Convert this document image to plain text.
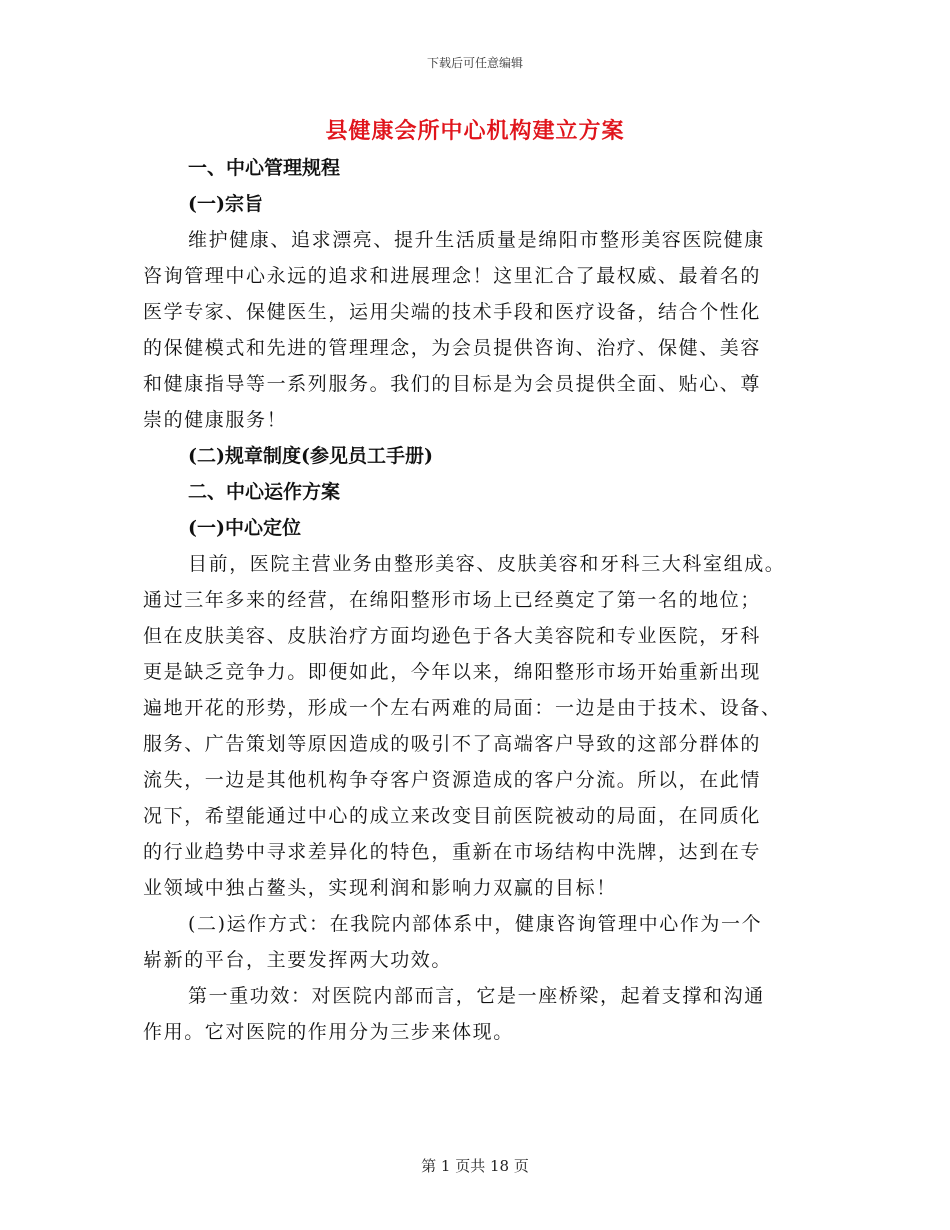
下载后可任意编辑
县健康会所中心机构建立方案
一、中心管理规程
(一)宗旨
维护健康、追求漂亮、提升生活质量是绵阳市整形美容医院健康
咨询管理中心永远的追求和进展理念！这里汇合了最权威、最着名的
医学专家、保健医生，运用尖端的技术手段和医疗设备，结合个性化
的保健模式和先进的管理理念，为会员提供咨询、治疗、保健、美容
和健康指导等一系列服务。我们的目标是为会员提供全面、贴心、尊
崇的健康服务！
(二)规章制度(参见员工手册)
二、中心运作方案
(一)中心定位
目前，医院主营业务由整形美容、皮肤美容和牙科三大科室组成。
通过三年多来的经营，在绵阳整形市场上已经奠定了第一名的地位；
但在皮肤美容、皮肤治疗方面均逊色于各大美容院和专业医院，牙科
更是缺乏竞争力。即便如此，今年以来，绵阳整形市场开始重新出现
遍地开花的形势，形成一个左右两难的局面：一边是由于技术、设备、
服务、广告策划等原因造成的吸引不了高端客户导致的这部分群体的
流失，一边是其他机构争夺客户资源造成的客户分流。所以，在此情
况下，希望能通过中心的成立来改变目前医院被动的局面，在同质化
的行业趋势中寻求差异化的特色，重新在市场结构中洗牌，达到在专
业领域中独占鳌头，实现利润和影响力双赢的目标！
(二)运作方式：在我院内部体系中，健康咨询管理中心作为一个
崭新的平台，主要发挥两大功效。
第一重功效：对医院内部而言，它是一座桥梁，起着支撑和沟通
作用。它对医院的作用分为三步来体现。
第 1 页共 18 页
